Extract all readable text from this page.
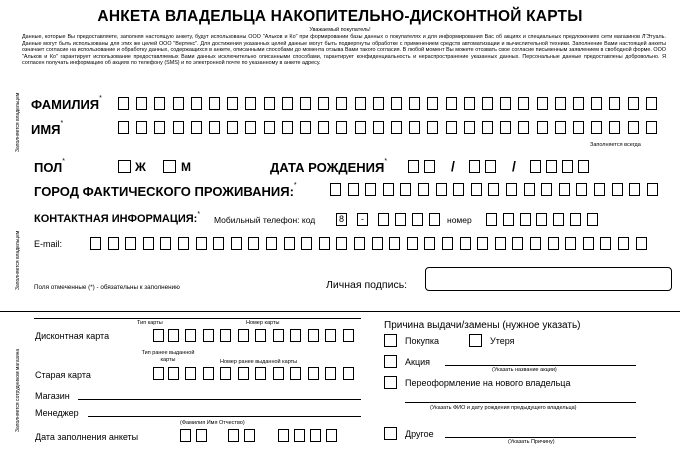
АНКЕТА ВЛАДЕЛЬЦА НАКОПИТЕЛЬНО-ДИСКОНТНОЙ КАРТЫ
Уважаемый покупатель!
Данные, которые Вы предоставляете, заполняя настоящую анкету, будут использованы ООО "Альков и Ко" при формировании базы данных о покупателях и для информирования Вас об акциях и специальных предложениях сети магазинов Л'Этуаль. Данные могут быть использованы для этих же целей ООО "Вертекс". Для достижения указанных целей данные могут быть подвергнуты обработке с применением средств автоматизации и вычислительной техники. Заполнение Вами настоящей анкеты означает согласие на использование и обработку данных, содержащихся в анкете, описанными способами до момента отзыва Вами такого согласия. В любой момент Вы можете отозвать свое согласие письменным заявлением в свободной форме. ООО "Альков и Ко" гарантирует использование предоставляемых Вами данных исключительно описанными способами, гарантирует конфиденциальность и нераспространение указанных данных. Персональные данные предоставлены добровольно. Я согласен получать информацию об акциях по телефону (SMS) и по электронной почте по указанному в анкете адресу.
Заполняется владельцем
Заполняется владельцем
ФАМИЛИЯ*
ИМЯ*
Заполняется всегда
ПОЛ*	Ж	М	ДАТА РОЖДЕНИЯ*	/	/
ГОРОД ФАКТИЧЕСКОГО ПРОЖИВАНИЯ:*
КОНТАКТНАЯ ИНФОРМАЦИЯ:*
Мобильный телефон: код	8	-	номер
E-mail:
Поля отмеченные (*) - обязательны к заполнению	Личная подпись:
Заполняется сотрудником магазина
Дисконтная карта
Тип карты	Номер карты
Тип ранее выданной карты	Номер ранее выданной карты
Старая карта
Магазин
Менеджер
(Фамилия Имя Отчество)
Дата заполнения анкеты
Причина выдачи/замены (нужное указать)
Покупка	Утеря
Акция
(Указать название акции)
Переоформление на нового владельца
(Указать ФИО и дату рождения предыдущего владельца)
Другое
(Указать Причину)
